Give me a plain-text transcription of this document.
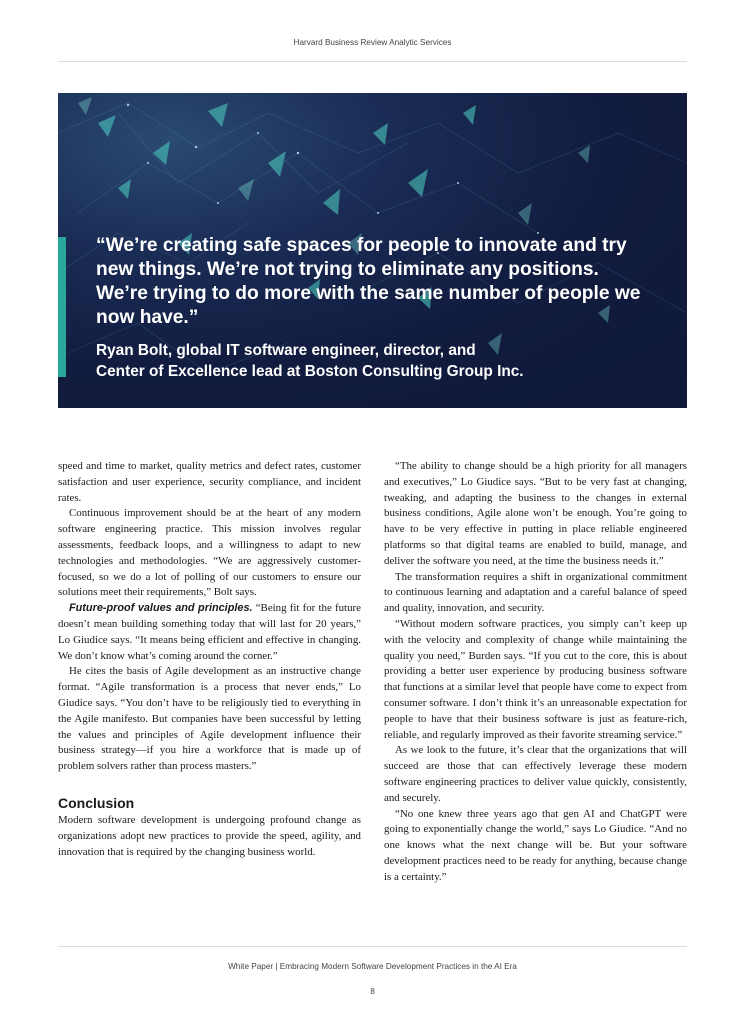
Harvard Business Review Analytic Services

“We’re creating safe spaces for people to innovate and try new things. We’re not trying to eliminate any positions. We’re trying to do more with the same number of people we now have.”

Ryan Bolt, global IT software engineer, director, and
Center of Excellence lead at Boston Consulting Group Inc.

speed and time to market, quality metrics and defect rates, customer satisfaction and user experience, security compliance, and incident rates.

Continuous improvement should be at the heart of any modern software engineering practice. This mission involves regular assessments, feedback loops, and a willingness to adapt to new technologies and methodologies. “We are aggressively customer-focused, so we do a lot of polling of our customers to ensure our solutions meet their requirements,” Bolt says.

Future-proof values and principles. “Being fit for the future doesn’t mean building something today that will last for 20 years,” Lo Giudice says. “It means being efficient and effective in changing. We don’t know what’s coming around the corner.”

He cites the basis of Agile development as an instructive change format. “Agile transformation is a process that never ends,” Lo Giudice says. “You don’t have to be religiously tied to everything in the Agile manifesto. But companies have been successful by letting the values and principles of Agile development influence their business strategy—if you hire a workforce that is made up of problem solvers rather than process masters.”

Conclusion

Modern software development is undergoing profound change as organizations adopt new practices to provide the speed, agility, and innovation that is required by the changing business world.

“The ability to change should be a high priority for all managers and executives,” Lo Giudice says. “But to be very fast at changing, tweaking, and adapting the business to the changes in external business conditions, Agile alone won’t be enough. You’re going to have to be very effective in putting in place reliable engineered platforms so that digital teams are enabled to build, manage, and deliver the software you need, at the time the business needs it.”

The transformation requires a shift in organizational commitment to continuous learning and adaptation and a careful balance of speed and quality, innovation, and security.

“Without modern software practices, you simply can’t keep up with the velocity and complexity of change while maintaining the quality you need,” Burden says. “If you cut to the core, this is about providing a better user experience by producing business software that functions at a similar level that people have come to expect from consumer software. I don’t think it’s an unreasonable expectation for people to have that their business software is just as feature-rich, reliable, and regularly improved as their favorite streaming service.”

As we look to the future, it’s clear that the organizations that will succeed are those that can effectively leverage these modern software engineering practices to deliver value quickly, consistently, and securely.

“No one knew three years ago that gen AI and ChatGPT were going to exponentially change the world,” says Lo Giudice. “And no one knows what the next change will be. But your software development practices need to be ready for anything, because change is a certainty.”

White Paper | Embracing Modern Software Development Practices in the AI Era
8
